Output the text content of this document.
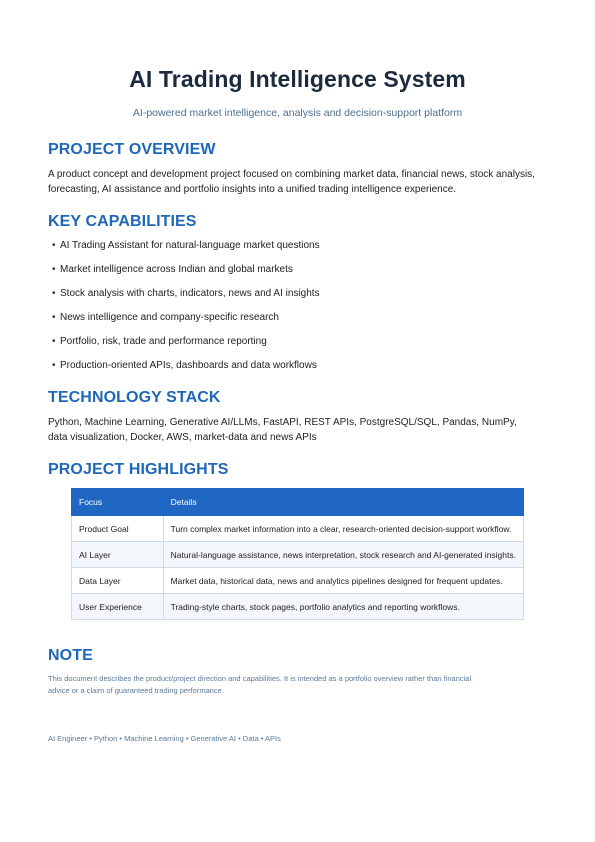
AI Trading Intelligence System
AI-powered market intelligence, analysis and decision-support platform
PROJECT OVERVIEW
A product concept and development project focused on combining market data, financial news, stock analysis, forecasting, AI assistance and portfolio insights into a unified trading intelligence experience.
KEY CAPABILITIES
• AI Trading Assistant for natural-language market questions
• Market intelligence across Indian and global markets
• Stock analysis with charts, indicators, news and AI insights
• News intelligence and company-specific research
• Portfolio, risk, trade and performance reporting
• Production-oriented APIs, dashboards and data workflows
TECHNOLOGY STACK
Python, Machine Learning, Generative AI/LLMs, FastAPI, REST APIs, PostgreSQL/SQL, Pandas, NumPy,
data visualization, Docker, AWS, market-data and news APIs
PROJECT HIGHLIGHTS
Focus	Details
Product Goal	Turn complex market information into a clear, research-oriented decision-support workflow.
AI Layer	Natural-language assistance, news interpretation, stock research and AI-generated insights.
Data Layer	Market data, historical data, news and analytics pipelines designed for frequent updates.
User Experience	Trading-style charts, stock pages, portfolio analytics and reporting workflows.
NOTE
This document describes the product/project direction and capabilities. It is intended as a portfolio overview rather than financial
advice or a claim of guaranteed trading performance.
AI Engineer • Python • Machine Learning • Generative AI • Data • APIs
